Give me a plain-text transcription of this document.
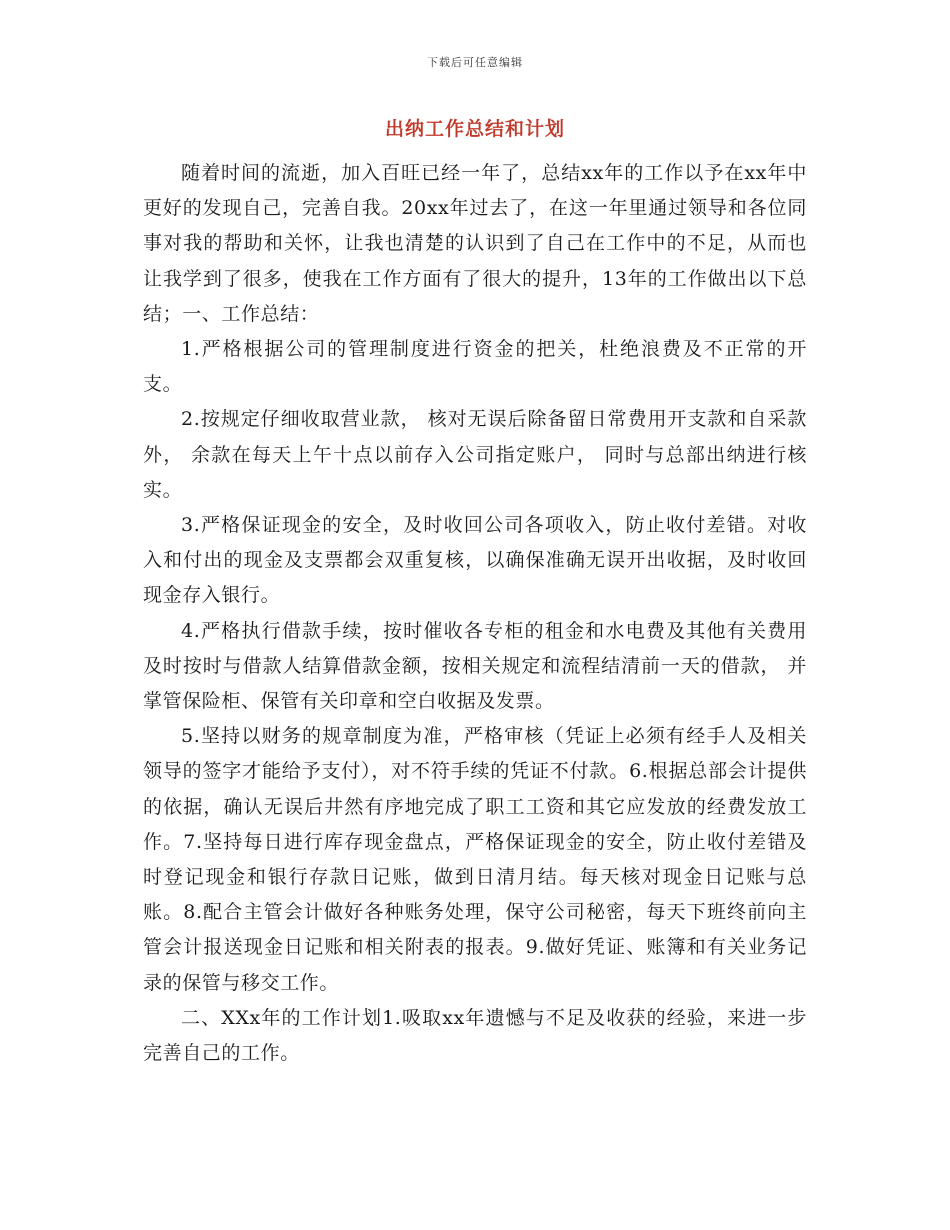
下载后可任意编辑
出纳工作总结和计划

随着时间的流逝，加入百旺已经一年了，总结xx年的工作以予在xx年中更好的发现自己，完善自我。20xx年过去了，在这一年里通过领导和各位同事对我的帮助和关怀，让我也清楚的认识到了自己在工作中的不足，从而也让我学到了很多，使我在工作方面有了很大的提升，13年的工作做出以下总结；一、工作总结：

1.严格根据公司的管理制度进行资金的把关，杜绝浪费及不正常的开支。

2.按规定仔细收取营业款， 核对无误后除备留日常费用开支款和自采款外， 余款在每天上午十点以前存入公司指定账户， 同时与总部出纳进行核实。

3.严格保证现金的安全，及时收回公司各项收入，防止收付差错。对收入和付出的现金及支票都会双重复核，以确保准确无误开出收据，及时收回现金存入银行。

4.严格执行借款手续，按时催收各专柜的租金和水电费及其他有关费用及时按时与借款人结算借款金额，按相关规定和流程结清前一天的借款， 并掌管保险柜、保管有关印章和空白收据及发票。

5.坚持以财务的规章制度为准，严格审核（凭证上必须有经手人及相关领导的签字才能给予支付），对不符手续的凭证不付款。6.根据总部会计提供的依据，确认无误后井然有序地完成了职工工资和其它应发放的经费发放工作。7.坚持每日进行库存现金盘点，严格保证现金的安全，防止收付差错及时登记现金和银行存款日记账，做到日清月结。每天核对现金日记账与总账。8.配合主管会计做好各种账务处理，保守公司秘密，每天下班终前向主管会计报送现金日记账和相关附表的报表。9.做好凭证、账簿和有关业务记录的保管与移交工作。

二、XXx年的工作计划1.吸取xx年遗憾与不足及收获的经验，来进一步完善自己的工作。
